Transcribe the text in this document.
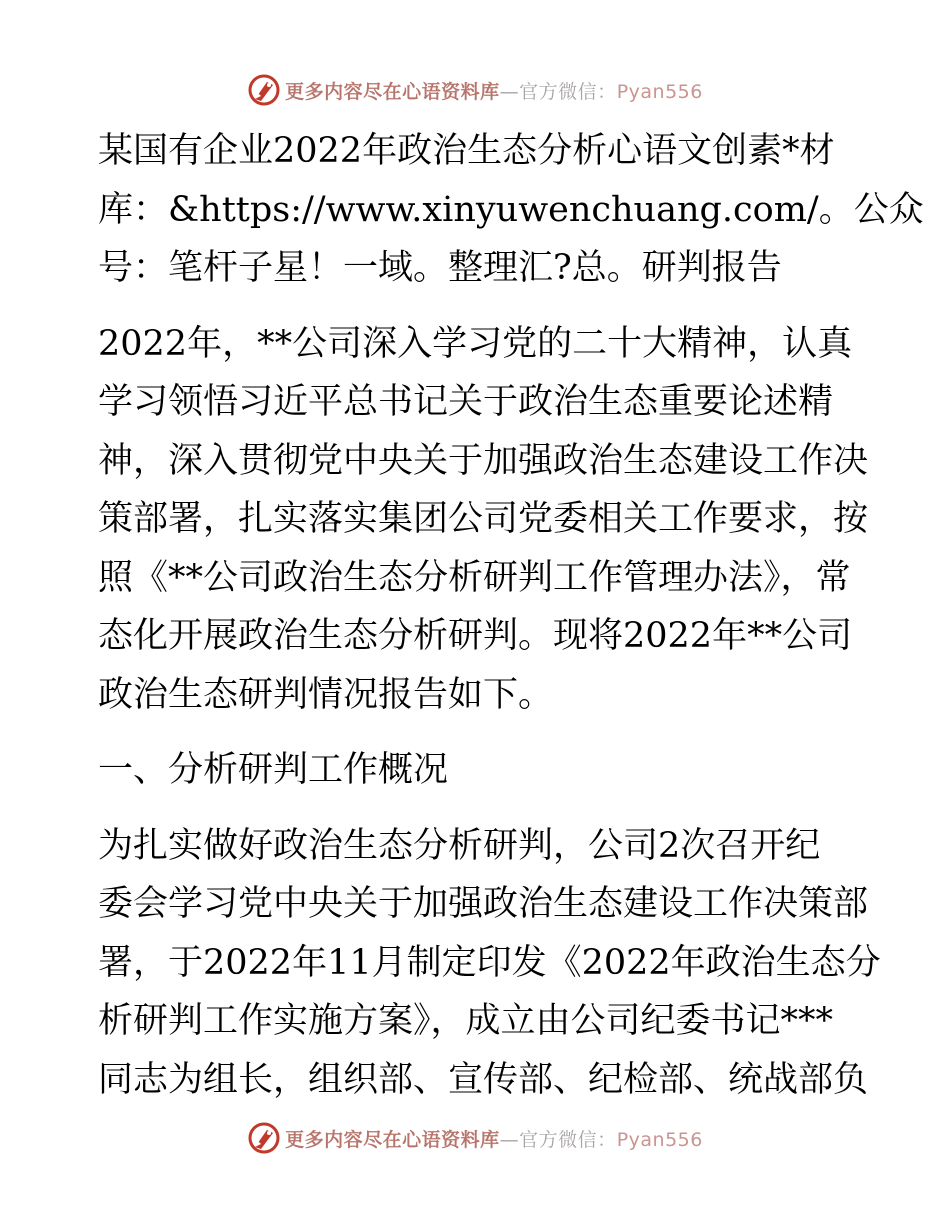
更多内容尽在心语资料库—官方微信：Pyan556

某国有企业2022年政治生态分析心语文创素*材
库：&https://www.xinyuwenchuang.com/。公众
号：笔杆子星！一域。整理汇?总。研判报告

2022年，**公司深入学习党的二十大精神，认真
学习领悟习近平总书记关于政治生态重要论述精
神，深入贯彻党中央关于加强政治生态建设工作决
策部署，扎实落实集团公司党委相关工作要求，按
照《**公司政治生态分析研判工作管理办法》，常
态化开展政治生态分析研判。现将2022年**公司
政治生态研判情况报告如下。

一、分析研判工作概况

为扎实做好政治生态分析研判，公司2次召开纪
委会学习党中央关于加强政治生态建设工作决策部
署，于2022年11月制定印发《2022年政治生态分
析研判工作实施方案》，成立由公司纪委书记***
同志为组长，组织部、宣传部、纪检部、统战部负

更多内容尽在心语资料库—官方微信：Pyan556
